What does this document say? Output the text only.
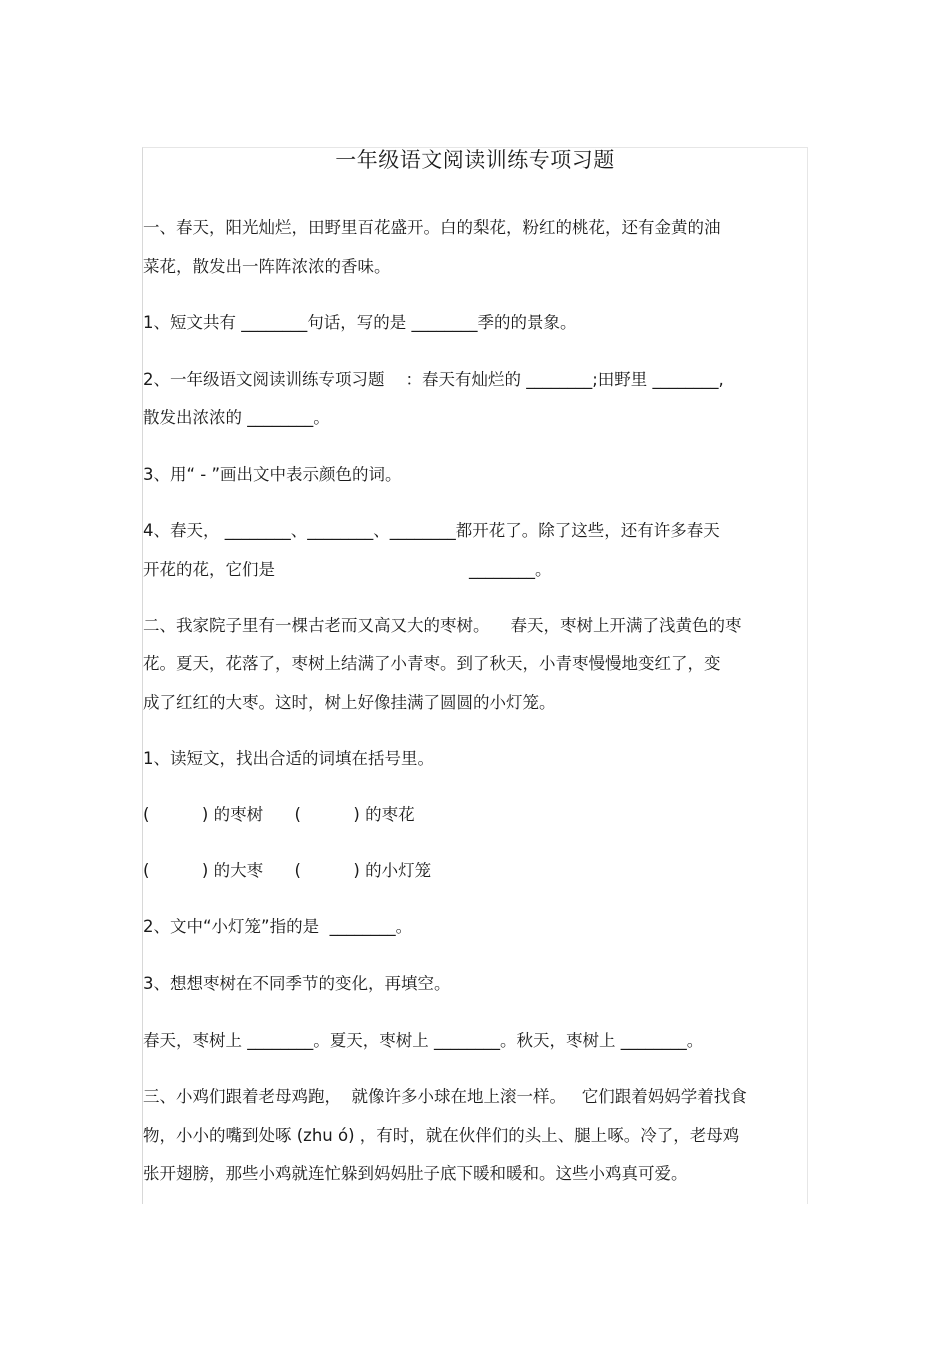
一年级语文阅读训练专项习题
一、春天，阳光灿烂，田野里百花盛开。白的梨花，粉红的桃花，还有金黄的油
菜花，散发出一阵阵浓浓的香味。
1、短文共有 ________句话，写的是 ________季的的景象。
2、一年级语文阅读训练专项习题    ：春天有灿烂的 ________;田野里 ________,
散发出浓浓的 ________。
3、用“ - ”画出文中表示颜色的词。
4、春天， ________、________、________都开花了。除了这些，还有许多春天
开花的花，它们是                                     ________。
二、我家院子里有一棵古老而又高又大的枣树。    春天，枣树上开满了浅黄色的枣
花。夏天，花落了，枣树上结满了小青枣。到了秋天，小青枣慢慢地变红了，变
成了红红的大枣。这时，树上好像挂满了圆圆的小灯笼。
1、读短文，找出合适的词填在括号里。
(          ) 的枣树      (          ) 的枣花
(          ) 的大枣      (          ) 的小灯笼
2、文中“小灯笼”指的是  ________。
3、想想枣树在不同季节的变化，再填空。
春天，枣树上 ________。夏天，枣树上 ________。秋天，枣树上 ________。
三、小鸡们跟着老母鸡跑，  就像许多小球在地上滚一样。   它们跟着妈妈学着找食
物，小小的嘴到处啄 (zhu ó) ，有时，就在伙伴们的头上、腿上啄。冷了，老母鸡
张开翅膀，那些小鸡就连忙躲到妈妈肚子底下暖和暖和。这些小鸡真可爱。
